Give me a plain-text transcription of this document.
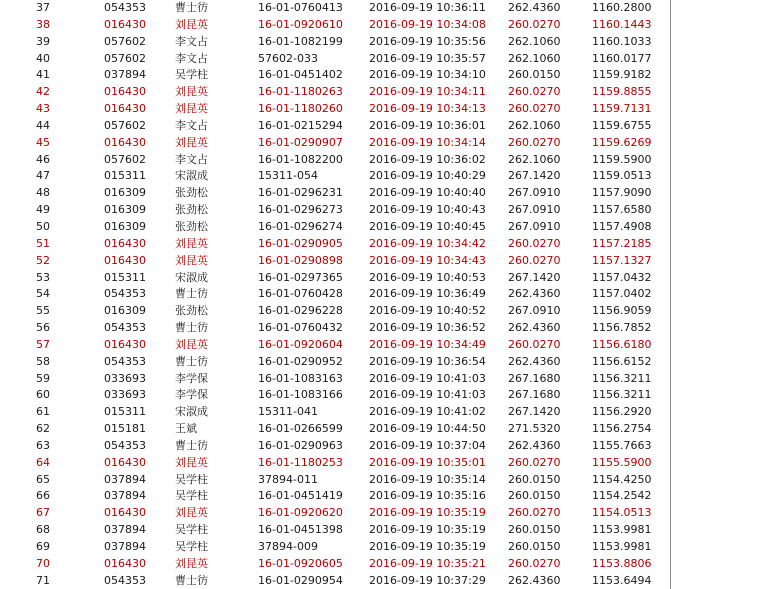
37	054353	曹士彷	16-01-0760413 2016-09-19 10:36:11 262.4360	1160.2800
38	016430	刘昆英	16-01-0920610 2016-09-19 10:34:08 260.0270	1160.1443
39	057602	李文占	16-01-1082199 2016-09-19 10:35:56 262.1060	1160.1033
40	057602	李文占	57602-033	2016-09-19 10:35:57 262.1060	1160.0177
41	037894	吴学柱	16-01-0451402 2016-09-19 10:34:10 260.0150	1159.9182
42	016430	刘昆英	16-01-1180263 2016-09-19 10:34:11 260.0270	1159.8855
43	016430	刘昆英	16-01-1180260 2016-09-19 10:34:13 260.0270	1159.7131
44	057602	李文占	16-01-0215294 2016-09-19 10:36:01 262.1060	1159.6755
45	016430	刘昆英	16-01-0290907 2016-09-19 10:34:14 260.0270	1159.6269
46	057602	李文占	16-01-1082200 2016-09-19 10:36:02 262.1060	1159.5900
47	015311	宋淑成	15311-054	2016-09-19 10:40:29 267.1420	1159.0513
48	016309	张劲松	16-01-0296231 2016-09-19 10:40:40 267.0910	1157.9090
49	016309	张劲松	16-01-0296273 2016-09-19 10:40:43 267.0910	1157.6580
50	016309	张劲松	16-01-0296274 2016-09-19 10:40:45 267.0910	1157.4908
51	016430	刘昆英	16-01-0290905 2016-09-19 10:34:42 260.0270	1157.2185
52	016430	刘昆英	16-01-0290898 2016-09-19 10:34:43 260.0270	1157.1327
53	015311	宋淑成	16-01-0297365 2016-09-19 10:40:53 267.1420	1157.0432
54	054353	曹士彷	16-01-0760428 2016-09-19 10:36:49 262.4360	1157.0402
55	016309	张劲松	16-01-0296228 2016-09-19 10:40:52 267.0910	1156.9059
56	054353	曹士彷	16-01-0760432 2016-09-19 10:36:52 262.4360	1156.7852
57	016430	刘昆英	16-01-0920604 2016-09-19 10:34:49 260.0270	1156.6180
58	054353	曹士彷	16-01-0290952 2016-09-19 10:36:54 262.4360	1156.6152
59	033693	李学保	16-01-1083163 2016-09-19 10:41:03 267.1680	1156.3211
60	033693	李学保	16-01-1083166 2016-09-19 10:41:03 267.1680	1156.3211
61	015311	宋淑成	15311-041	2016-09-19 10:41:02 267.1420	1156.2920
62	015181	王斌	16-01-0266599 2016-09-19 10:44:50 271.5320	1156.2754
63	054353	曹士彷	16-01-0290963 2016-09-19 10:37:04 262.4360	1155.7663
64	016430	刘昆英	16-01-1180253 2016-09-19 10:35:01 260.0270	1155.5900
65	037894	吴学柱	37894-011	2016-09-19 10:35:14 260.0150	1154.4250
66	037894	吴学柱	16-01-0451419 2016-09-19 10:35:16 260.0150	1154.2542
67	016430	刘昆英	16-01-0920620 2016-09-19 10:35:19 260.0270	1154.0513
68	037894	吴学柱	16-01-0451398 2016-09-19 10:35:19 260.0150	1153.9981
69	037894	吴学柱	37894-009	2016-09-19 10:35:19 260.0150	1153.9981
70	016430	刘昆英	16-01-0920605 2016-09-19 10:35:21 260.0270	1153.8806
71	054353	曹士彷	16-01-0290954 2016-09-19 10:37:29 262.4360	1153.6494
